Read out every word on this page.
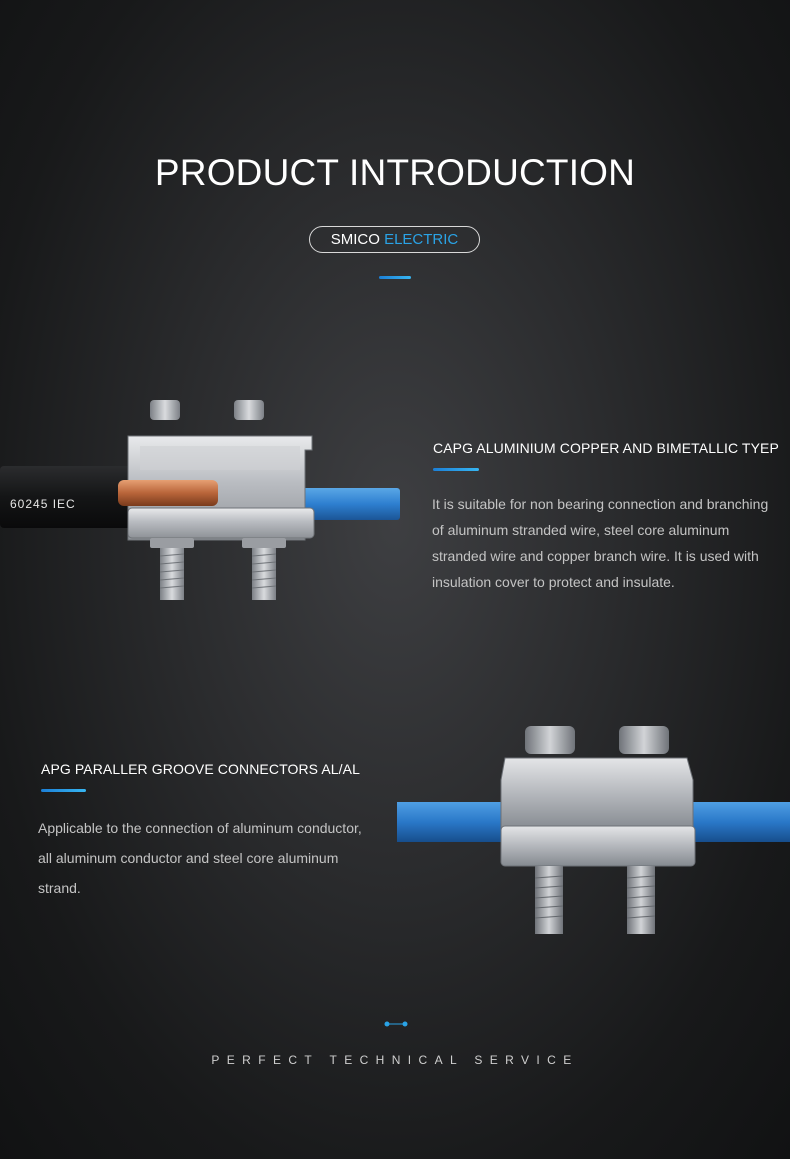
PRODUCT INTRODUCTION
SMICO ELECTRIC
60245 IEC
CAPG ALUMINIUM COPPER AND BIMETALLIC TYEP
It is suitable for non bearing connection and branching of aluminum stranded wire, steel core aluminum stranded wire and copper branch wire. It is used with insulation cover to protect and insulate.
APG PARALLER GROOVE CONNECTORS AL/AL
Applicable to the connection of aluminum conductor, all aluminum conductor and steel core aluminum strand.
PERFECT TECHNICAL SERVICE
